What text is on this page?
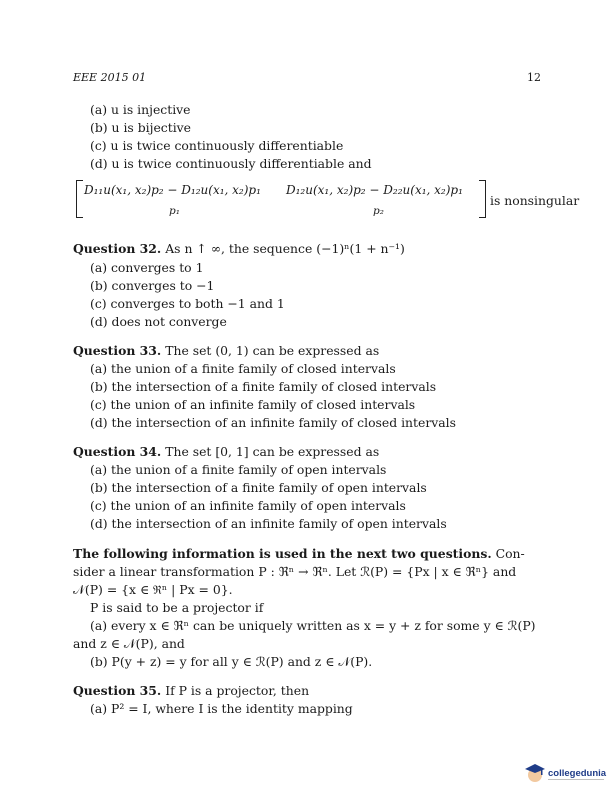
EEE 2015 01	12
(a) u is injective
(b) u is bijective
(c) u is twice continuously differentiable
(d) u is twice continuously differentiable and
D₁₁u(x₁, x₂)p₂ − D₁₂u(x₁, x₂)p₁ D₁₂u(x₁, x₂)p₂ − D₂₂u(x₁, x₂)p₁
p₁	p₂
is nonsingular
Question 32. As n ↑ ∞, the sequence (−1)ⁿ(1 + n⁻¹)
(a) converges to 1
(b) converges to −1
(c) converges to both −1 and 1
(d) does not converge
Question 33. The set (0, 1) can be expressed as
(a) the union of a finite family of closed intervals
(b) the intersection of a finite family of closed intervals
(c) the union of an infinite family of closed intervals
(d) the intersection of an infinite family of closed intervals
Question 34. The set [0, 1] can be expressed as
(a) the union of a finite family of open intervals
(b) the intersection of a finite family of open intervals
(c) the union of an infinite family of open intervals
(d) the intersection of an infinite family of open intervals
The following information is used in the next two questions. Con-
sider a linear transformation P : ℜⁿ → ℜⁿ. Let ℛ(P) = {Px | x ∈ ℜⁿ} and
𝒩(P) = {x ∈ ℜⁿ | Px = 0}.
P is said to be a projector if
(a) every x ∈ ℜⁿ can be uniquely written as x = y + z for some y ∈ ℛ(P)
and z ∈ 𝒩(P), and
(b) P(y + z) = y for all y ∈ ℛ(P) and z ∈ 𝒩(P).
Question 35. If P is a projector, then
(a) P² = I, where I is the identity mapping
collegedunia
